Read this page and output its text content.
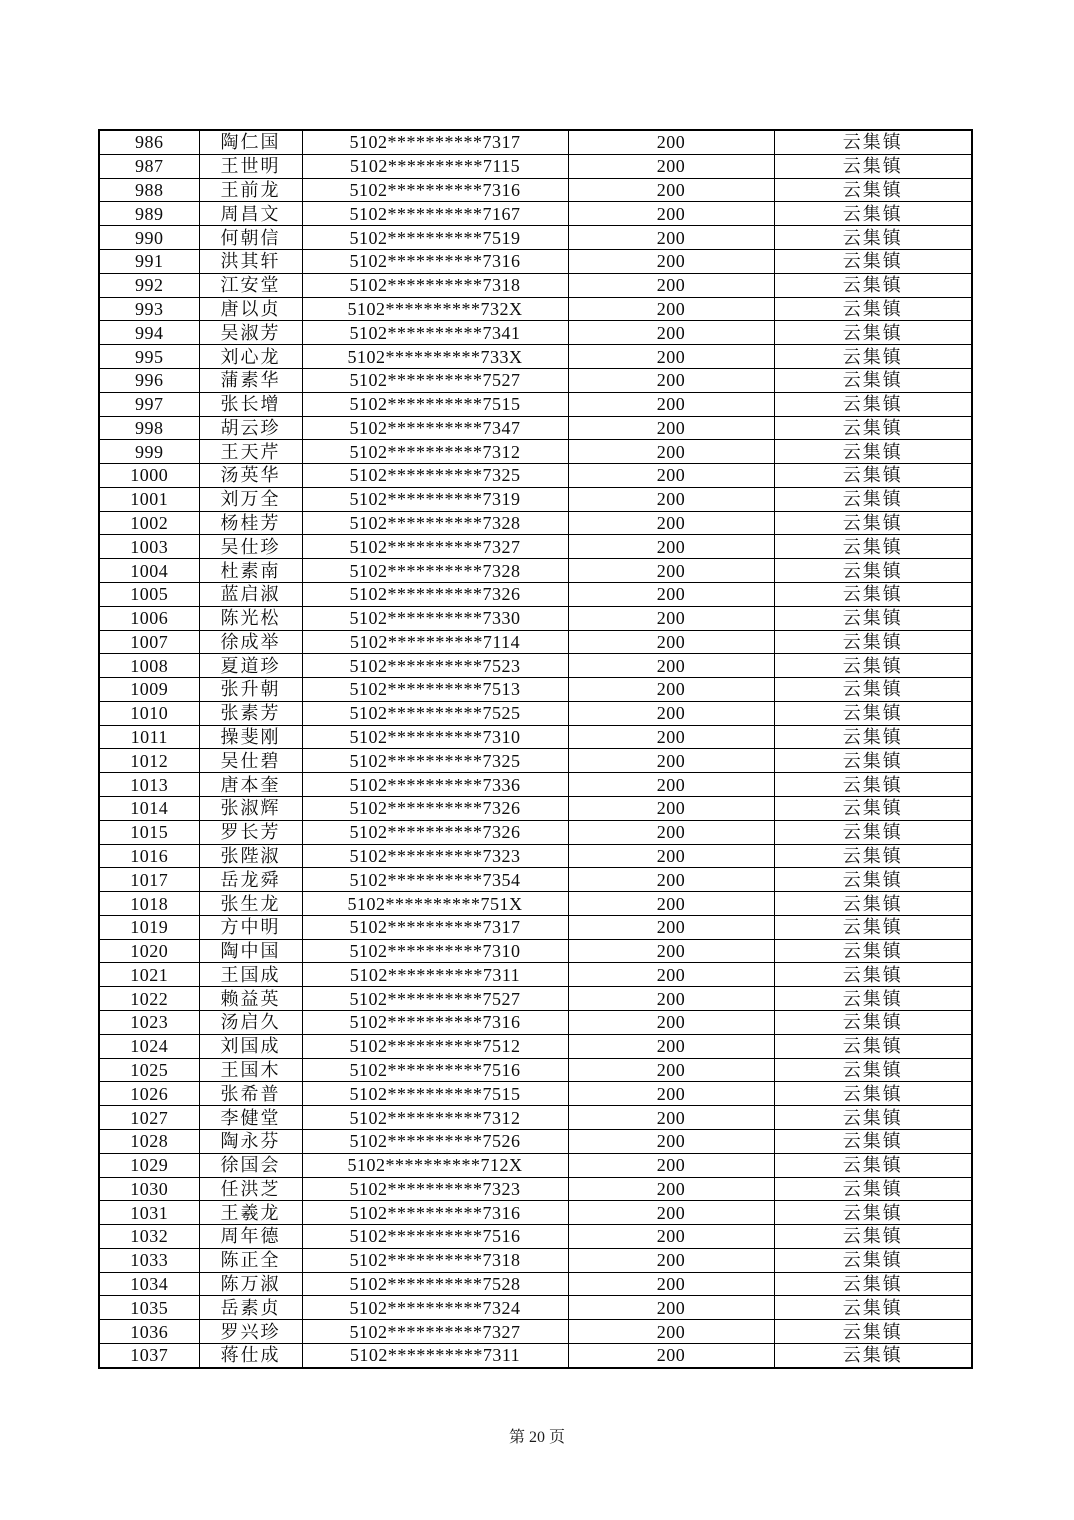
986	陶仁国	5102**********7317	200	云集镇
987	王世明	5102**********7115	200	云集镇
988	王前龙	5102**********7316	200	云集镇
989	周昌文	5102**********7167	200	云集镇
990	何朝信	5102**********7519	200	云集镇
991	洪其轩	5102**********7316	200	云集镇
992	江安堂	5102**********7318	200	云集镇
993	唐以贞	5102**********732X	200	云集镇
994	吴淑芳	5102**********7341	200	云集镇
995	刘心龙	5102**********733X	200	云集镇
996	蒲素华	5102**********7527	200	云集镇
997	张长增	5102**********7515	200	云集镇
998	胡云珍	5102**********7347	200	云集镇
999	王天芹	5102**********7312	200	云集镇
1000	汤英华	5102**********7325	200	云集镇
1001	刘万全	5102**********7319	200	云集镇
1002	杨桂芳	5102**********7328	200	云集镇
1003	吴仕珍	5102**********7327	200	云集镇
1004	杜素南	5102**********7328	200	云集镇
1005	蓝启淑	5102**********7326	200	云集镇
1006	陈光松	5102**********7330	200	云集镇
1007	徐成举	5102**********7114	200	云集镇
1008	夏道珍	5102**********7523	200	云集镇
1009	张升朝	5102**********7513	200	云集镇
1010	张素芳	5102**********7525	200	云集镇
1011	操斐刚	5102**********7310	200	云集镇
1012	吴仕碧	5102**********7325	200	云集镇
1013	唐本奎	5102**********7336	200	云集镇
1014	张淑辉	5102**********7326	200	云集镇
1015	罗长芳	5102**********7326	200	云集镇
1016	张陛淑	5102**********7323	200	云集镇
1017	岳龙舜	5102**********7354	200	云集镇
1018	张生龙	5102**********751X	200	云集镇
1019	方中明	5102**********7317	200	云集镇
1020	陶中国	5102**********7310	200	云集镇
1021	王国成	5102**********7311	200	云集镇
1022	赖益英	5102**********7527	200	云集镇
1023	汤启久	5102**********7316	200	云集镇
1024	刘国成	5102**********7512	200	云集镇
1025	王国木	5102**********7516	200	云集镇
1026	张希普	5102**********7515	200	云集镇
1027	李健堂	5102**********7312	200	云集镇
1028	陶永芬	5102**********7526	200	云集镇
1029	徐国会	5102**********712X	200	云集镇
1030	任洪芝	5102**********7323	200	云集镇
1031	王羲龙	5102**********7316	200	云集镇
1032	周年德	5102**********7516	200	云集镇
1033	陈正全	5102**********7318	200	云集镇
1034	陈万淑	5102**********7528	200	云集镇
1035	岳素贞	5102**********7324	200	云集镇
1036	罗兴珍	5102**********7327	200	云集镇
1037	蒋仕成	5102**********7311	200	云集镇
第 20 页
